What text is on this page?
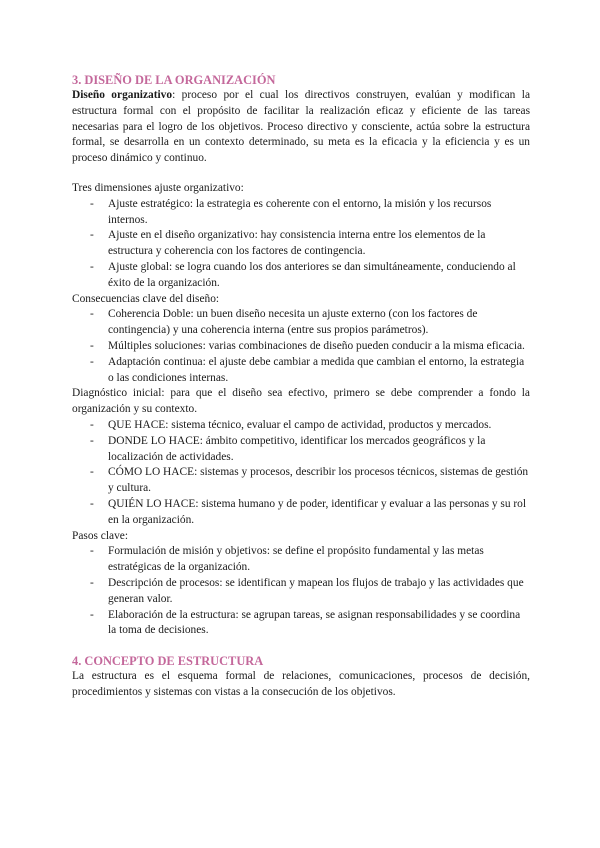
3. DISEÑO DE LA ORGANIZACIÓN

Diseño organizativo: proceso por el cual los directivos construyen, evalúan y modifican la estructura formal con el propósito de facilitar la realización eficaz y eficiente de las tareas necesarias para el logro de los objetivos. Proceso directivo y consciente, actúa sobre la estructura formal, se desarrolla en un contexto determinado, su meta es la eficacia y la eficiencia y es un proceso dinámico y continuo.

Tres dimensiones ajuste organizativo:

- Ajuste estratégico: la estrategia es coherente con el entorno, la misión y los recursos internos.
- Ajuste en el diseño organizativo: hay consistencia interna entre los elementos de la estructura y coherencia con los factores de contingencia.
- Ajuste global: se logra cuando los dos anteriores se dan simultáneamente, conduciendo al éxito de la organización.

Consecuencias clave del diseño:

- Coherencia Doble: un buen diseño necesita un ajuste externo (con los factores de contingencia) y una coherencia interna (entre sus propios parámetros).
- Múltiples soluciones: varias combinaciones de diseño pueden conducir a la misma eficacia.
- Adaptación continua: el ajuste debe cambiar a medida que cambian el entorno, la estrategia o las condiciones internas.

Diagnóstico inicial: para que el diseño sea efectivo, primero se debe comprender a fondo la organización y su contexto.

- QUE HACE: sistema técnico, evaluar el campo de actividad, productos y mercados.
- DONDE LO HACE: ámbito competitivo, identificar los mercados geográficos y la localización de actividades.
- CÓMO LO HACE: sistemas y procesos, describir los procesos técnicos, sistemas de gestión y cultura.
- QUIÉN LO HACE: sistema humano y de poder, identificar y evaluar a las personas y su rol en la organización.

Pasos clave:

- Formulación de misión y objetivos: se define el propósito fundamental y las metas estratégicas de la organización.
- Descripción de procesos: se identifican y mapean los flujos de trabajo y las actividades que generan valor.
- Elaboración de la estructura: se agrupan tareas, se asignan responsabilidades y se coordina la toma de decisiones.
4. CONCEPTO DE ESTRUCTURA

La estructura es el esquema formal de relaciones, comunicaciones, procesos de decisión, procedimientos y sistemas con vistas a la consecución de los objetivos.
